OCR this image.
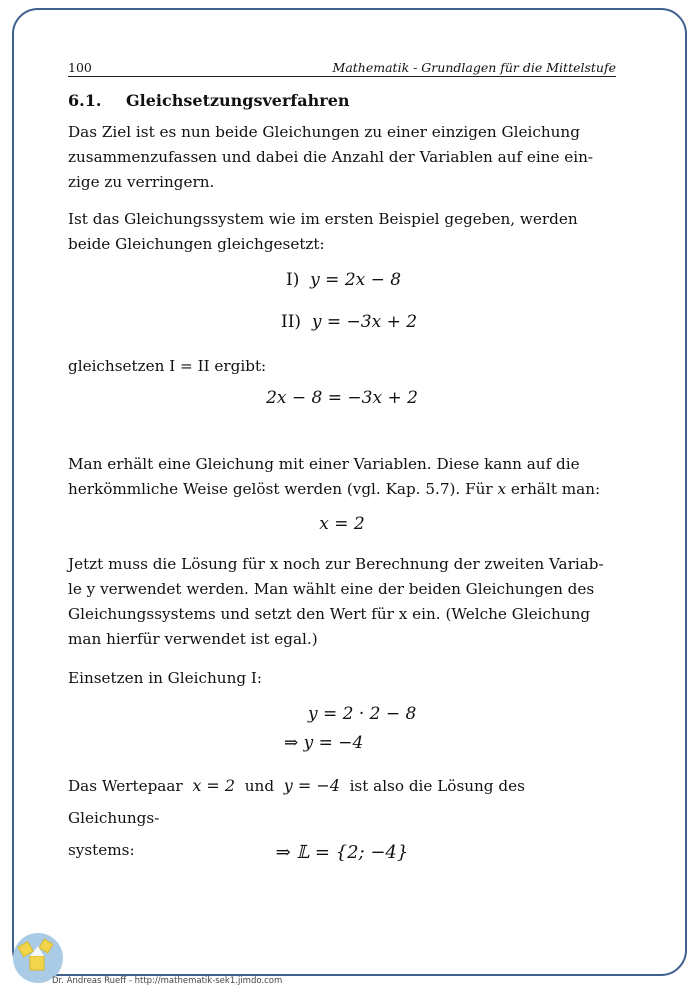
100	Mathematik - Grundlagen für die Mittelstufe
6.1. Gleichsetzungsverfahren
Das Ziel ist es nun beide Gleichungen zu einer einzigen Gleichung
zusammenzufassen und dabei die Anzahl der Variablen auf eine ein-
zige zu verringern.
Ist das Gleichungssystem wie im ersten Beispiel gegeben, werden
beide Gleichungen gleichgesetzt:
I) y = 2x − 8
II) y = −3x + 2
gleichsetzen I = II ergibt:
2x − 8 = −3x + 2
Man erhält eine Gleichung mit einer Variablen. Diese kann auf die
herkömmliche Weise gelöst werden (vgl. Kap. 5.7). Für x erhält man:
x = 2
Jetzt muss die Lösung für x noch zur Berechnung der zweiten Variab-
le y verwendet werden. Man wählt eine der beiden Gleichungen des
Gleichungssystems und setzt den Wert für x ein. (Welche Gleichung
man hierfür verwendet ist egal.)
Einsetzen in Gleichung I:
y = 2 · 2 − 8
⇒ y = −4
Das Wertepaar x = 2 und y = −4 ist also die Lösung des Gleichungs-
systems:	⇒ 𝕃 = {2; −4}
Dr. Andreas Rueff - http://mathematik-sek1.jimdo.com
